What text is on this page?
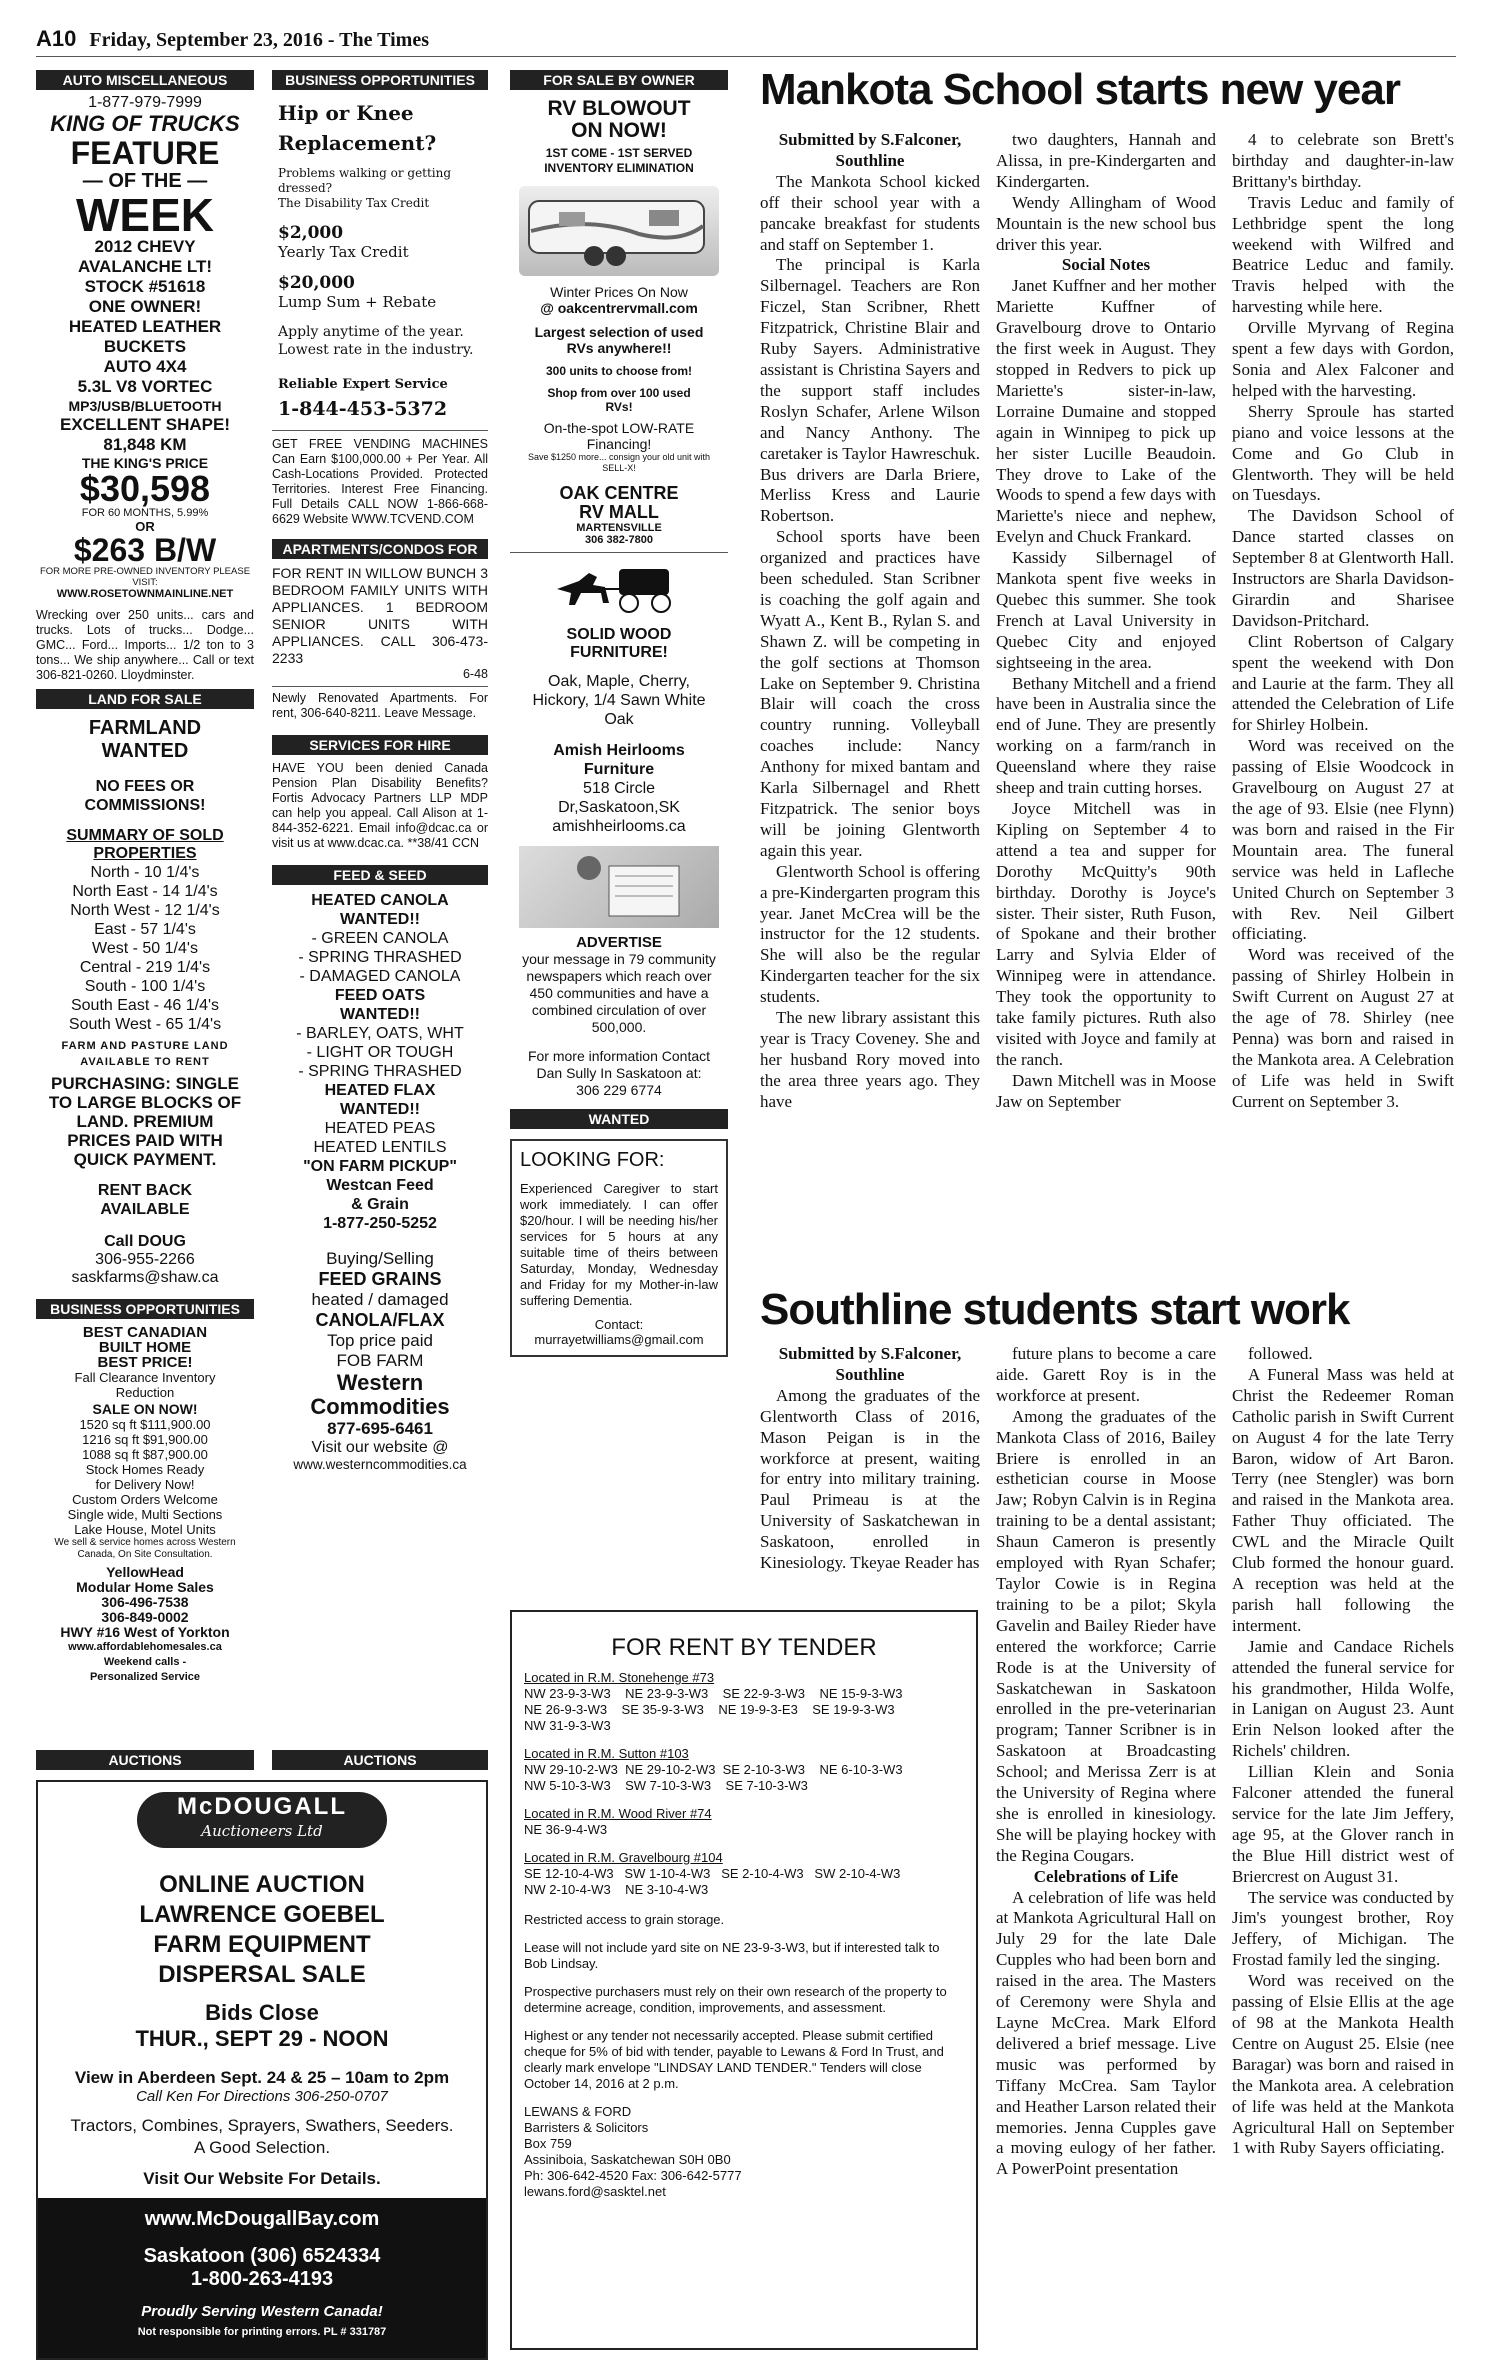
A10 Friday, September 23, 2016 - The Times
AUTO MISCELLANEOUS
1-877-979-7999
KING OF TRUCKS
FEATURE
— OF THE —
WEEK
2012 CHEVY
AVALANCHE LT!
STOCK #51618
ONE OWNER!
HEATED LEATHER
BUCKETS
AUTO 4X4
5.3L V8 VORTEC
MP3/USB/BLUETOOTH
EXCELLENT SHAPE!
81,848 KM
THE KING'S PRICE
$30,598
FOR 60 MONTHS, 5.99%
OR
$263 B/W
FOR MORE PRE-OWNED INVENTORY PLEASE VISIT:
WWW.ROSETOWNMAINLINE.NET
Wrecking over 250 units... cars and trucks. Lots of trucks... Dodge... GMC... Ford... Imports... 1/2 ton to 3 tons... We ship anywhere... Call or text 306-821-0260. Lloydminster.
LAND FOR SALE
FARMLAND WANTED
NO FEES OR COMMISSIONS!
SUMMARY OF SOLD PROPERTIES
North - 10 1/4's
North East - 14 1/4's
North West - 12 1/4's
East - 57 1/4's
West - 50 1/4's
Central - 219 1/4's
South - 100 1/4's
South East - 46 1/4's
South West - 65 1/4's
FARM AND PASTURE LAND AVAILABLE TO RENT
PURCHASING: SINGLE TO LARGE BLOCKS OF LAND. PREMIUM PRICES PAID WITH QUICK PAYMENT.
RENT BACK AVAILABLE
Call DOUG
306-955-2266
saskfarms@shaw.ca
BUSINESS OPPORTUNITIES
BEST CANADIAN
BUILT HOME
BEST PRICE!
Fall Clearance Inventory
Reduction
SALE ON NOW!
1520 sq ft $111,900.00
1216 sq ft $91,900.00
1088 sq ft $87,900.00
Stock Homes Ready
for Delivery Now!
Custom Orders Welcome
Single wide, Multi Sections
Lake House, Motel Units
We sell & service homes across Western Canada, On Site Consultation.
YellowHead
Modular Home Sales
306-496-7538
306-849-0002
HWY #16 West of Yorkton
www.affordablehomesales.ca
Weekend calls -
Personalized Service
BUSINESS OPPORTUNITIES
Hip or Knee Replacement?
Problems walking or getting dressed?
The Disability Tax Credit
$2,000
Yearly Tax Credit
$20,000
Lump Sum + Rebate
Apply anytime of the year. Lowest rate in the industry.
Reliable Expert Service
1-844-453-5372
GET FREE VENDING MACHINES Can Earn $100,000.00 + Per Year. All Cash-Locations Provided. Protected Territories. Interest Free Financing. Full Details CALL NOW 1-866-668-6629 Website WWW.TCVEND.COM
APARTMENTS/CONDOS FOR
FOR RENT IN WILLOW BUNCH 3 BEDROOM FAMILY UNITS WITH APPLIANCES. 1 BEDROOM SENIOR UNITS WITH APPLIANCES. CALL 306-473-2233
6-48
Newly Renovated Apartments. For rent, 306-640-8211. Leave Message.
SERVICES FOR HIRE
HAVE YOU been denied Canada Pension Plan Disability Benefits? Fortis Advocacy Partners LLP MDP can help you appeal. Call Alison at 1-844-352-6221. Email info@dcac.ca or visit us at www.dcac.ca. **38/41 CCN
FEED & SEED
HEATED CANOLA
WANTED!!
- GREEN CANOLA
- SPRING THRASHED
- DAMAGED CANOLA
FEED OATS
WANTED!!
- BARLEY, OATS, WHT
- LIGHT OR TOUGH
- SPRING THRASHED
HEATED FLAX
WANTED!!
HEATED PEAS
HEATED LENTILS
"ON FARM PICKUP"
Westcan Feed
& Grain
1-877-250-5252
Buying/Selling
FEED GRAINS
heated / damaged
CANOLA/FLAX
Top price paid
FOB FARM
Western
Commodities
877-695-6461
Visit our website @
www.westerncommodities.ca
AUCTIONS	AUCTIONS
McDOUGALL
Auctioneers Ltd
ONLINE AUCTION
LAWRENCE GOEBEL
FARM EQUIPMENT
DISPERSAL SALE
Bids Close
THUR., SEPT 29 - NOON
View in Aberdeen Sept. 24 & 25 – 10am to 2pm
Call Ken For Directions 306-250-0707
Tractors, Combines, Sprayers, Swathers, Seeders. A Good Selection.
Visit Our Website For Details.
www.McDougallBay.com
Saskatoon (306) 6524334
1-800-263-4193
Proudly Serving Western Canada!
Not responsible for printing errors. PL # 331787
FOR SALE BY OWNER
RV BLOWOUT ON NOW!
1ST COME - 1ST SERVED INVENTORY ELIMINATION
Winter Prices On Now
@ oakcentrervmall.com
Largest selection of used RVs anywhere!!
300 units to choose from!
Shop from over 100 used RVs!
On-the-spot LOW-RATE Financing!
Save $1250 more... consign your old unit with SELL-X!
OAK CENTRE RV MALL
MARTENSVILLE
306 382-7800
SOLID WOOD FURNITURE!
Oak, Maple, Cherry, Hickory, 1/4 Sawn White Oak
Amish Heirlooms Furniture
518 Circle Dr,Saskatoon,SK
amishheirlooms.ca
ADVERTISE
your message in 79 community newspapers which reach over 450 communities and have a combined circulation of over 500,000.
For more information Contact Dan Sully In Saskatoon at: 306 229 6774
WANTED
LOOKING FOR:
Experienced Caregiver to start work immediately. I can offer $20/hour. I will be needing his/her services for 5 hours at any suitable time of theirs between Saturday, Monday, Wednesday and Friday for my Mother-in-law suffering Dementia.
Contact:
murrayetwilliams@gmail.com
Mankota School starts new year

Submitted by S.Falconer, Southline

The Mankota School kicked off their school year with a pancake breakfast for students and staff on September 1.

The principal is Karla Silbernagel. Teachers are Ron Ficzel, Stan Scribner, Rhett Fitzpatrick, Christine Blair and Ruby Sayers. Administrative assistant is Christina Sayers and the support staff includes Roslyn Schafer, Arlene Wilson and Nancy Anthony. The caretaker is Taylor Hawreschuk. Bus drivers are Darla Briere, Merliss Kress and Laurie Robertson.

School sports have been organized and practices have been scheduled. Stan Scribner is coaching the golf again and Wyatt A., Kent B., Rylan S. and Shawn Z. will be competing in the golf sections at Thomson Lake on September 9. Christina Blair will coach the cross country running. Volleyball coaches include: Nancy Anthony for mixed bantam and Karla Silbernagel and Rhett Fitzpatrick. The senior boys will be joining Glentworth again this year.

Glentworth School is offering a pre-Kindergarten program this year. Janet McCrea will be the instructor for the 12 students. She will also be the regular Kindergarten teacher for the six students.

The new library assistant this year is Tracy Coveney. She and her husband Rory moved into the area three years ago. They have

two daughters, Hannah and Alissa, in pre-Kindergarten and Kindergarten.

Wendy Allingham of Wood Mountain is the new school bus driver this year.

Social Notes

Janet Kuffner and her mother Mariette Kuffner of Gravelbourg drove to Ontario the first week in August. They stopped in Redvers to pick up Mariette's sister-in-law, Lorraine Dumaine and stopped again in Winnipeg to pick up her sister Lucille Beaudoin. They drove to Lake of the Woods to spend a few days with Mariette's niece and nephew, Evelyn and Chuck Frankard.

Kassidy Silbernagel of Mankota spent five weeks in Quebec this summer. She took French at Laval University in Quebec City and enjoyed sightseeing in the area.

Bethany Mitchell and a friend have been in Australia since the end of June. They are presently working on a farm/ranch in Queensland where they raise sheep and train cutting horses.

Joyce Mitchell was in Kipling on September 4 to attend a tea and supper for Dorothy McQuitty's 90th birthday. Dorothy is Joyce's sister. Their sister, Ruth Fuson, of Spokane and their brother Larry and Sylvia Elder of Winnipeg were in attendance. They took the opportunity to take family pictures. Ruth also visited with Joyce and family at the ranch.

Dawn Mitchell was in Moose Jaw on September

4 to celebrate son Brett's birthday and daughter-in-law Brittany's birthday.

Travis Leduc and family of Lethbridge spent the long weekend with Wilfred and Beatrice Leduc and family. Travis helped with the harvesting while here.

Orville Myrvang of Regina spent a few days with Gordon, Sonia and Alex Falconer and helped with the harvesting.

Sherry Sproule has started piano and voice lessons at the Come and Go Club in Glentworth. They will be held on Tuesdays.

The Davidson School of Dance started classes on September 8 at Glentworth Hall. Instructors are Sharla Davidson-Girardin and Sharisee Davidson-Pritchard.

Clint Robertson of Calgary spent the weekend with Don and Laurie at the farm. They all attended the Celebration of Life for Shirley Holbein.

Word was received on the passing of Elsie Woodcock in Gravelbourg on August 27 at the age of 93. Elsie (nee Flynn) was born and raised in the Fir Mountain area. The funeral service was held in Lafleche United Church on September 3 with Rev. Neil Gilbert officiating.

Word was received of the passing of Shirley Holbein in Swift Current on August 27 at the age of 78. Shirley (nee Penna) was born and raised in the Mankota area. A Celebration of Life was held in Swift Current on September 3.

Southline students start work

Submitted by S.Falconer, Southline

Among the graduates of the Glentworth Class of 2016, Mason Peigan is in the workforce at present, waiting for entry into military training. Paul Primeau is at the University of Saskatchewan in Saskatoon, enrolled in Kinesiology. Tkeyae Reader has

future plans to become a care aide. Garett Roy is in the workforce at present.

Among the graduates of the Mankota Class of 2016, Bailey Briere is enrolled in an esthetician course in Moose Jaw; Robyn Calvin is in Regina training to be a dental assistant; Shaun Cameron is presently employed with Ryan Schafer; Taylor Cowie is in Regina training to be a pilot; Skyla Gavelin and Bailey Rieder have entered the workforce; Carrie Rode is at the University of Saskatchewan in Saskatoon enrolled in the pre-veterinarian program; Tanner Scribner is in Saskatoon at Broadcasting School; and Merissa Zerr is at the University of Regina where she is enrolled in kinesiology. She will be playing hockey with the Regina Cougars.

Celebrations of Life

A celebration of life was held at Mankota Agricultural Hall on July 29 for the late Dale Cupples who had been born and raised in the area. The Masters of Ceremony were Shyla and Layne McCrea. Mark Elford delivered a brief message. Live music was performed by Tiffany McCrea. Sam Taylor and Heather Larson related their memories. Jenna Cupples gave a moving eulogy of her father. A PowerPoint presentation

followed.

A Funeral Mass was held at Christ the Redeemer Roman Catholic parish in Swift Current on August 4 for the late Terry Baron, widow of Art Baron. Terry (nee Stengler) was born and raised in the Mankota area. Father Thuy officiated. The CWL and the Miracle Quilt Club formed the honour guard. A reception was held at the parish hall following the interment.

Jamie and Candace Richels attended the funeral service for his grandmother, Hilda Wolfe, in Lanigan on August 23. Aunt Erin Nelson looked after the Richels' children.

Lillian Klein and Sonia Falconer attended the funeral service for the late Jim Jeffery, age 95, at the Glover ranch in the Blue Hill district west of Briercrest on August 31.

The service was conducted by Jim's youngest brother, Roy Jeffery, of Michigan. The Frostad family led the singing.

Word was received on the passing of Elsie Ellis at the age of 98 at the Mankota Health Centre on August 25. Elsie (nee Baragar) was born and raised in the Mankota area. A celebration of life was held at the Mankota Agricultural Hall on September 1 with Ruby Sayers officiating.

FOR RENT BY TENDER
Located in R.M. Stonehenge #73
NW 23-9-3-W3    NE 23-9-3-W3    SE 22-9-3-W3    NE 15-9-3-W3
NE 26-9-3-W3    SE 35-9-3-W3    NE 19-9-3-E3    SE 19-9-3-W3
NW 31-9-3-W3
Located in R.M. Sutton #103
NW 29-10-2-W3  NE 29-10-2-W3  SE 2-10-3-W3    NE 6-10-3-W3
NW 5-10-3-W3    SW 7-10-3-W3    SE 7-10-3-W3
Located in R.M. Wood River #74
NE 36-9-4-W3
Located in R.M. Gravelbourg #104
SE 12-10-4-W3   SW 1-10-4-W3   SE 2-10-4-W3   SW 2-10-4-W3
NW 2-10-4-W3    NE 3-10-4-W3
Restricted access to grain storage.
Lease will not include yard site on NE 23-9-3-W3, but if interested talk to Bob Lindsay.
Prospective purchasers must rely on their own research of the property to determine acreage, condition, improvements, and assessment.
Highest or any tender not necessarily accepted. Please submit certified cheque for 5% of bid with tender, payable to Lewans & Ford In Trust, and clearly mark envelope "LINDSAY LAND TENDER." Tenders will close October 14, 2016 at 2 p.m.
LEWANS & FORD
Barristers & Solicitors
Box 759
Assiniboia, Saskatchewan S0H 0B0
Ph: 306-642-4520 Fax: 306-642-5777
lewans.ford@sasktel.net
